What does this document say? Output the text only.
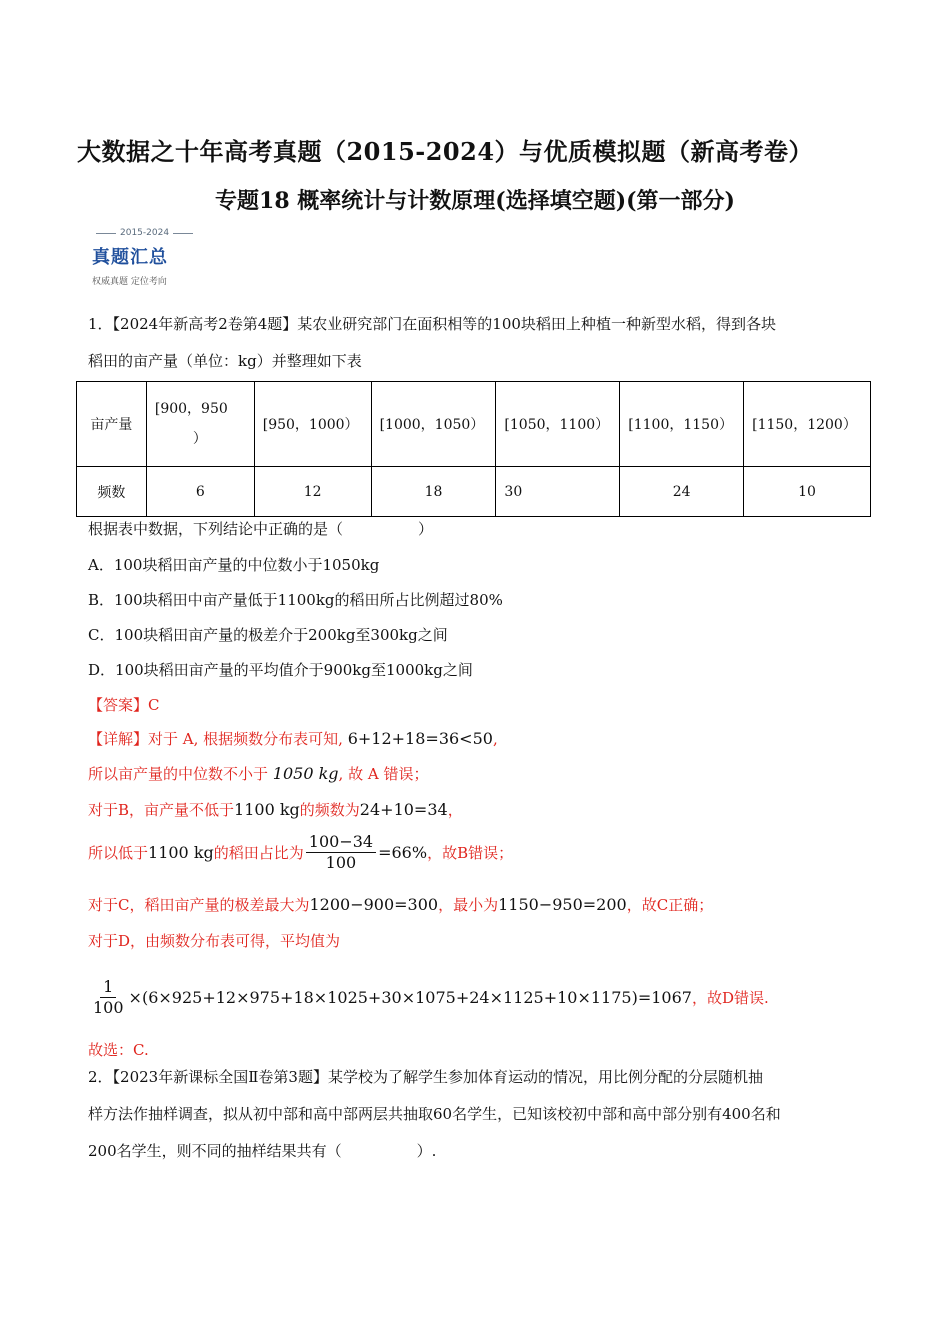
大数据之十年高考真题（2015-2024）与优质模拟题（新高考卷）
专题18 概率统计与计数原理(选择填空题)(第一部分)
2015-2024
真题汇总
权威真题 定位考向
1．【2024年新高考2卷第4题】某农业研究部门在面积相等的100块稻田上种植一种新型水稻，得到各块
稻田的亩产量（单位：kg）并整理如下表
亩产量	[900，950
）	[950，1000）	[1000，1050）	[1050，1100）	[1100，1150）	[1150，1200）
频数	6	12	18	30	24	10
根据表中数据，下列结论中正确的是（　　　　　）
A．100块稻田亩产量的中位数小于1050kg
B．100块稻田中亩产量低于1100kg的稻田所占比例超过80%
C．100块稻田亩产量的极差介于200kg至300kg之间
D．100块稻田亩产量的平均值介于900kg至1000kg之间
【答案】C
【详解】对于 A, 根据频数分布表可知, 6+12+18=36<50,
所以亩产量的中位数不小于 1050 kg, 故 A 错误；
对于B，亩产量不低于1100 kg的频数为24+10=34，
所以低于 1100 kg 的稻田占比为 $\frac{100-34}{100} =66\%$ ，故B错误；
对于C，稻田亩产量的极差最大为1200−900=300，最小为1150−950=200，故C正确；
对于D，由频数分布表可得，平均值为
$\frac{1}{100} \times(6\times 925+12\times 975+18\times 1025+30\times 1075+24\times 1125+10\times 1175)=1067$ ，故D错误.
故选：C.
2．【2023年新课标全国Ⅱ卷第3题】某学校为了解学生参加体育运动的情况，用比例分配的分层随机抽
样方法作抽样调查，拟从初中部和高中部两层共抽取60名学生，已知该校初中部和高中部分别有400名和
200名学生，则不同的抽样结果共有（　　　　　）.
